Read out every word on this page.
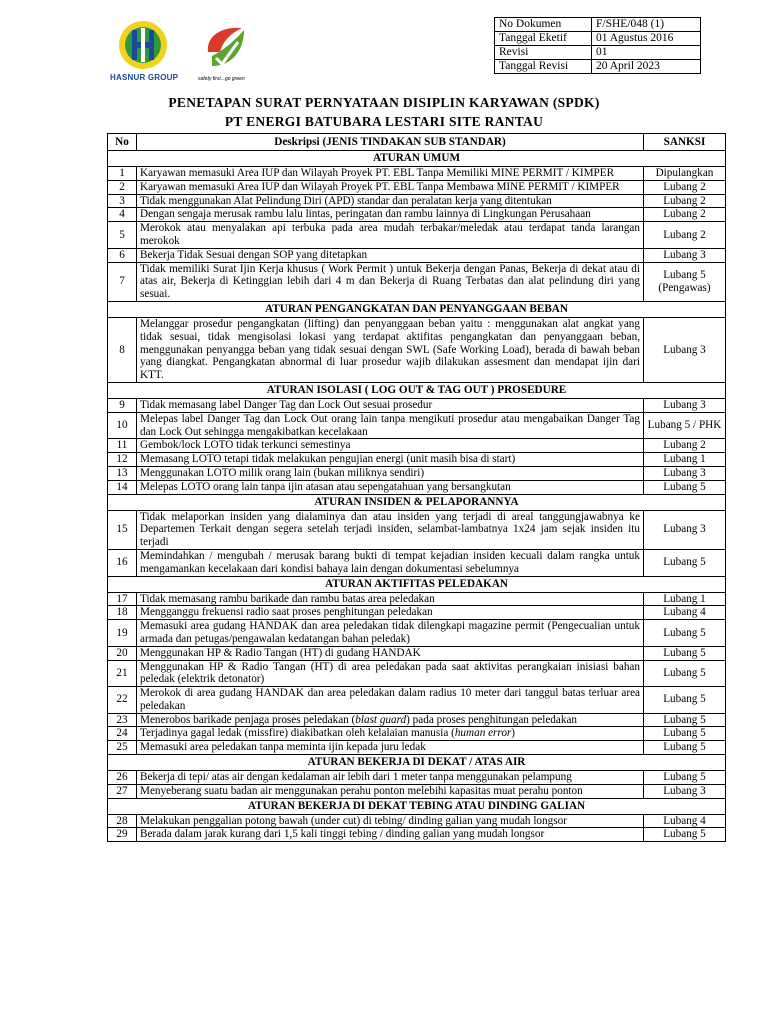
HASNUR GROUP	safety first...go green
No Dokumen	F/SHE/048 (1)
Tanggal Eketif	01 Agustus 2016
Revisi	01
Tanggal Revisi	20 April 2023
PENETAPAN SURAT PERNYATAAN DISIPLIN KARYAWAN (SPDK)
PT ENERGI BATUBARA LESTARI SITE RANTAU
No	Deskripsi (JENIS TINDAKAN SUB STANDAR)	SANKSI
ATURAN UMUM		
1	Karyawan memasuki Area IUP dan Wilayah Proyek PT. EBL Tanpa Memiliki MINE PERMIT / KIMPER	Dipulangkan
2	Karyawan memasuki Area IUP dan Wilayah Proyek PT. EBL Tanpa Membawa MINE PERMIT / KIMPER	Lubang 2
3	Tidak menggunakan Alat Pelindung Diri (APD) standar dan peralatan kerja yang ditentukan	Lubang 2
4	Dengan sengaja merusak rambu lalu lintas, peringatan dan rambu lainnya di Lingkungan Perusahaan	Lubang 2
5	Merokok atau menyalakan api terbuka pada area mudah terbakar/meledak atau terdapat tanda larangan merokok	Lubang 2
6	Bekerja Tidak Sesuai dengan SOP yang ditetapkan	Lubang 3
7	Tidak memiliki Surat Ijin Kerja khusus ( Work Permit ) untuk Bekerja dengan Panas, Bekerja di dekat atau di atas air, Bekerja di Ketinggian lebih dari 4 m dan Bekerja di Ruang Terbatas dan alat pelindung diri yang sesuai.	Lubang 5 (Pengawas)
ATURAN PENGANGKATAN DAN PENYANGGAAN BEBAN		
8	Melanggar prosedur pengangkatan (lifting) dan penyanggaan beban yaitu : menggunakan alat angkat yang tidak sesuai, tidak mengisolasi lokasi yang terdapat aktifitas pengangkatan dan penyanggaan beban, menggunakan penyangga beban yang tidak sesuai dengan SWL (Safe Working Load), berada di bawah beban yang diangkat. Pengangkatan abnormal di luar prosedur wajib dilakukan assesment dan mendapat ijin dari KTT.	Lubang 3
ATURAN ISOLASI ( LOG OUT & TAG OUT ) PROSEDURE		
9	Tidak memasang label Danger Tag dan Lock Out sesuai prosedur	Lubang 3
10	Melepas label Danger Tag dan Lock Out orang lain tanpa mengikuti prosedur atau mengabaikan Danger Tag dan Lock Out sehingga mengakibatkan kecelakaan	Lubang 5 / PHK
11	Gembok/lock LOTO tidak terkunci semestinya	Lubang 2
12	Memasang LOTO tetapi tidak melakukan pengujian energi (unit masih bisa di start)	Lubang 1
13	Menggunakan LOTO milik orang lain (bukan miliknya sendiri)	Lubang 3
14	Melepas LOTO orang lain tanpa ijin atasan atau sepengatahuan yang bersangkutan	Lubang 5
ATURAN INSIDEN & PELAPORANNYA		
15	Tidak melaporkan insiden yang dialaminya dan atau insiden yang terjadi di areal tanggungjawabnya ke Departemen Terkait dengan segera setelah terjadi insiden, selambat-lambatnya 1x24 jam sejak insiden itu terjadi	Lubang 3
16	Memindahkan / mengubah / merusak barang bukti di tempat kejadian insiden kecuali dalam rangka untuk mengamankan kecelakaan dari kondisi bahaya lain dengan dokumentasi sebelumnya	Lubang 5
ATURAN AKTIFITAS PELEDAKAN		
17	Tidak memasang rambu barikade dan rambu batas area peledakan	Lubang 1
18	Mengganggu frekuensi radio saat proses penghitungan peledakan	Lubang 4
19	Memasuki area gudang HANDAK dan area peledakan tidak dilengkapi magazine permit (Pengecualian untuk armada dan petugas/pengawalan kedatangan bahan peledak)	Lubang 5
20	Menggunakan HP & Radio Tangan (HT) di gudang HANDAK	Lubang 5
21	Menggunakan HP & Radio Tangan (HT) di area peledakan pada saat aktivitas perangkaian inisiasi bahan peledak (elektrik detonator)	Lubang 5
22	Merokok di area gudang HANDAK dan area peledakan dalam radius 10 meter dari tanggul batas terluar area peledakan	Lubang 5
23	Menerobos barikade penjaga proses peledakan (blast guard) pada proses penghitungan peledakan	Lubang 5
24	Terjadinya gagal ledak (missfire) diakibatkan oleh kelalaian manusia (human error)	Lubang 5
25	Memasuki area peledakan tanpa meminta ijin kepada juru ledak	Lubang 5
ATURAN BEKERJA DI DEKAT / ATAS AIR		
26	Bekerja di tepi/ atas air dengan kedalaman air lebih dari 1 meter tanpa menggunakan pelampung	Lubang 5
27	Menyeberang suatu badan air menggunakan perahu ponton melebihi kapasitas muat perahu ponton	Lubang 3
ATURAN BEKERJA DI DEKAT TEBING ATAU DINDING GALIAN		
28	Melakukan penggalian potong bawah (under cut) di tebing/ dinding galian yang mudah longsor	Lubang 4
29	Berada dalam jarak kurang dari 1,5 kali tinggi tebing / dinding galian yang mudah longsor	Lubang 5
